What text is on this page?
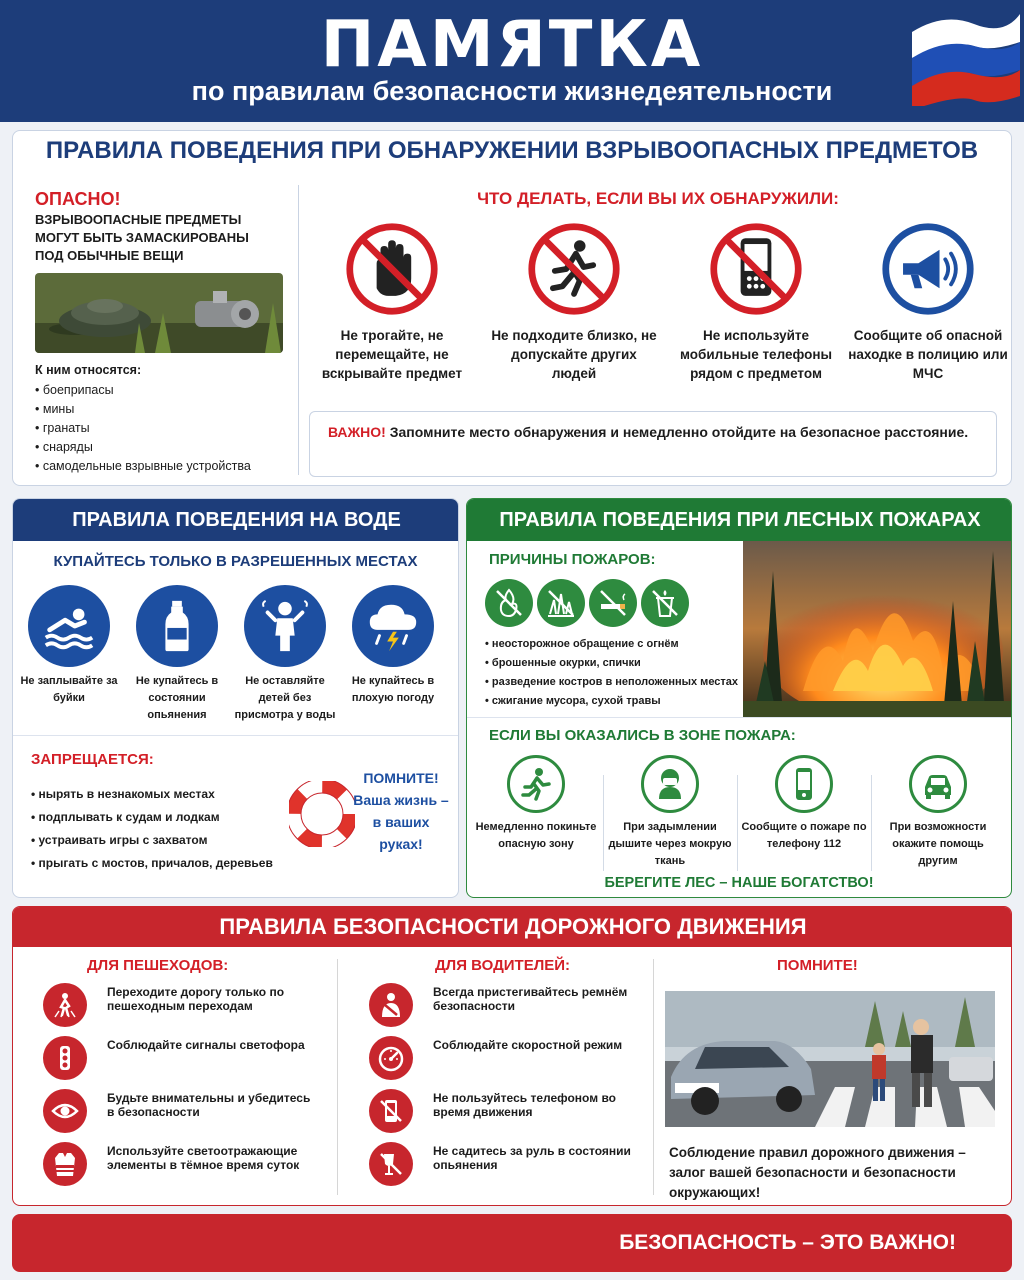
ПАМЯТКА
по правилам безопасности жизнедеятельности
ПРАВИЛА ПОВЕДЕНИЯ ПРИ ОБНАРУЖЕНИИ ВЗРЫВООПАСНЫХ ПРЕДМЕТОВ
ОПАСНО!
ВЗРЫВООПАСНЫЕ ПРЕДМЕТЫ МОГУТ БЫТЬ ЗАМАСКИРОВАНЫ ПОД ОБЫЧНЫЕ ВЕЩИ
К ним относятся:
• боеприпасы
• мины
• гранаты
• снаряды
• самодельные взрывные устройства
ЧТО ДЕЛАТЬ, ЕСЛИ ВЫ ИХ ОБНАРУЖИЛИ:
Не трогайте, не перемещайте, не вскрывайте предмет
Не подходите близко, не допускайте других людей
Не используйте мобильные телефоны рядом с предметом
Сообщите об опасной находке в полицию или МЧС
ВАЖНО! Запомните место обнаружения и немедленно отойдите на безопасное расстояние.
ПРАВИЛА ПОВЕДЕНИЯ НА ВОДЕ
КУПАЙТЕСЬ ТОЛЬКО В РАЗРЕШЕННЫХ МЕСТАХ
Не заплывайте за буйки
Не купайтесь в состоянии опьянения
Не оставляйте детей без присмотра у воды
Не купайтесь в плохую погоду
ЗАПРЕЩАЕТСЯ:
• нырять в незнакомых местах
• подплывать к судам и лодкам
• устраивать игры с захватом
• прыгать с мостов, причалов, деревьев
ПОМНИТЕ!
Ваша жизнь – в ваших руках!
ПРАВИЛА ПОВЕДЕНИЯ ПРИ ЛЕСНЫХ ПОЖАРАХ
ПРИЧИНЫ ПОЖАРОВ:
• неосторожное обращение с огнём
• брошенные окурки, спички
• разведение костров в неположенных местах
• сжигание мусора, сухой травы
ЕСЛИ ВЫ ОКАЗАЛИСЬ В ЗОНЕ ПОЖАРА:
Немедленно покиньте опасную зону
При задымлении дышите через мокрую ткань
Сообщите о пожаре по телефону 112
При возможности окажите помощь другим
БЕРЕГИТЕ ЛЕС – НАШЕ БОГАТСТВО!
ПРАВИЛА БЕЗОПАСНОСТИ ДОРОЖНОГО ДВИЖЕНИЯ
ДЛЯ ПЕШЕХОДОВ:
Переходите дорогу только по пешеходным переходам
Соблюдайте сигналы светофора
Будьте внимательны и убедитесь в безопасности
Используйте светоотражающие элементы в тёмное время суток
ДЛЯ ВОДИТЕЛЕЙ:
Всегда пристегивайтесь ремнём безопасности
Соблюдайте скоростной режим
Не пользуйтесь телефоном во время движения
Не садитесь за руль в состоянии опьянения
ПОМНИТЕ!
Соблюдение правил дорожного движения – залог вашей безопасности и безопасности окружающих!
БЕЗОПАСНОСТЬ – ЭТО ВАЖНО!
